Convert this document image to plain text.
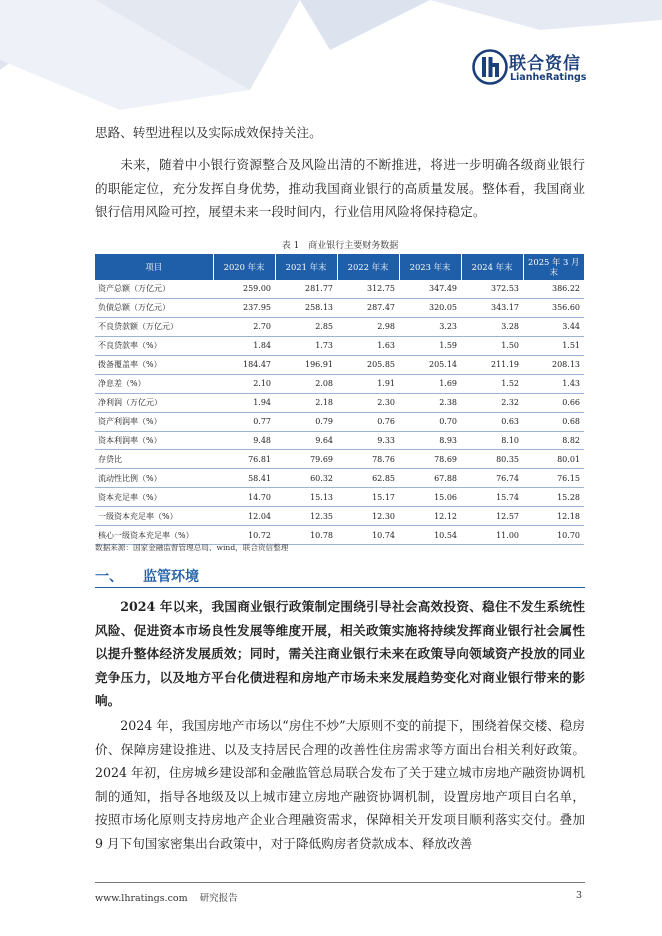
联合资信
LianheRatings

思路、转型进程以及实际成效保持关注。

未来，随着中小银行资源整合及风险出清的不断推进，将进一步明确各级商业银行的职能定位，充分发挥自身优势，推动我国商业银行的高质量发展。整体看，我国商业银行信用风险可控，展望未来一段时间内，行业信用风险将保持稳定。

表 1　商业银行主要财务数据
项目	2020 年末	2021 年末	2022 年末	2023 年末	2024 年末	2025 年 3 月末
资产总额（万亿元）	259.00	281.77	312.75	347.49	372.53	386.22
负债总额（万亿元）	237.95	258.13	287.47	320.05	343.17	356.60
不良贷款额（万亿元）	2.70	2.85	2.98	3.23	3.28	3.44
不良贷款率（%）	1.84	1.73	1.63	1.59	1.50	1.51
拨备覆盖率（%）	184.47	196.91	205.85	205.14	211.19	208.13
净息差（%）	2.10	2.08	1.91	1.69	1.52	1.43
净利润（万亿元）	1.94	2.18	2.30	2.38	2.32	0.66
资产利润率（%）	0.77	0.79	0.76	0.70	0.63	0.68
资本利润率（%）	9.48	9.64	9.33	8.93	8.10	8.82
存贷比	76.81	79.69	78.76	78.69	80.35	80.01
流动性比例（%）	58.41	60.32	62.85	67.88	76.74	76.15
资本充足率（%）	14.70	15.13	15.17	15.06	15.74	15.28
一级资本充足率（%）	12.04	12.35	12.30	12.12	12.57	12.18
核心一级资本充足率（%）	10.72	10.78	10.74	10.54	11.00	10.70
数据来源：国家金融监督管理总局、wind，联合资信整理
一、 监管环境

2024 年以来，我国商业银行政策制定围绕引导社会高效投资、稳住不发生系统性风险、促进资本市场良性发展等维度开展，相关政策实施将持续发挥商业银行社会属性以提升整体经济发展质效；同时，需关注商业银行未来在政策导向领域资产投放的同业竞争压力，以及地方平台化债进程和房地产市场未来发展趋势变化对商业银行带来的影响。

2024 年，我国房地产市场以“房住不炒”大原则不变的前提下，围绕着保交楼、稳房价、保障房建设推进、以及支持居民合理的改善性住房需求等方面出台相关利好政策。2024 年初，住房城乡建设部和金融监管总局联合发布了关于建立城市房地产融资协调机制的通知，指导各地级及以上城市建立房地产融资协调机制，设置房地产项目白名单，按照市场化原则支持房地产企业合理融资需求，保障相关开发项目顺利落实交付。叠加 9 月下旬国家密集出台政策中，对于降低购房者贷款成本、释放改善

www.lhratings.com 研究报告	3
